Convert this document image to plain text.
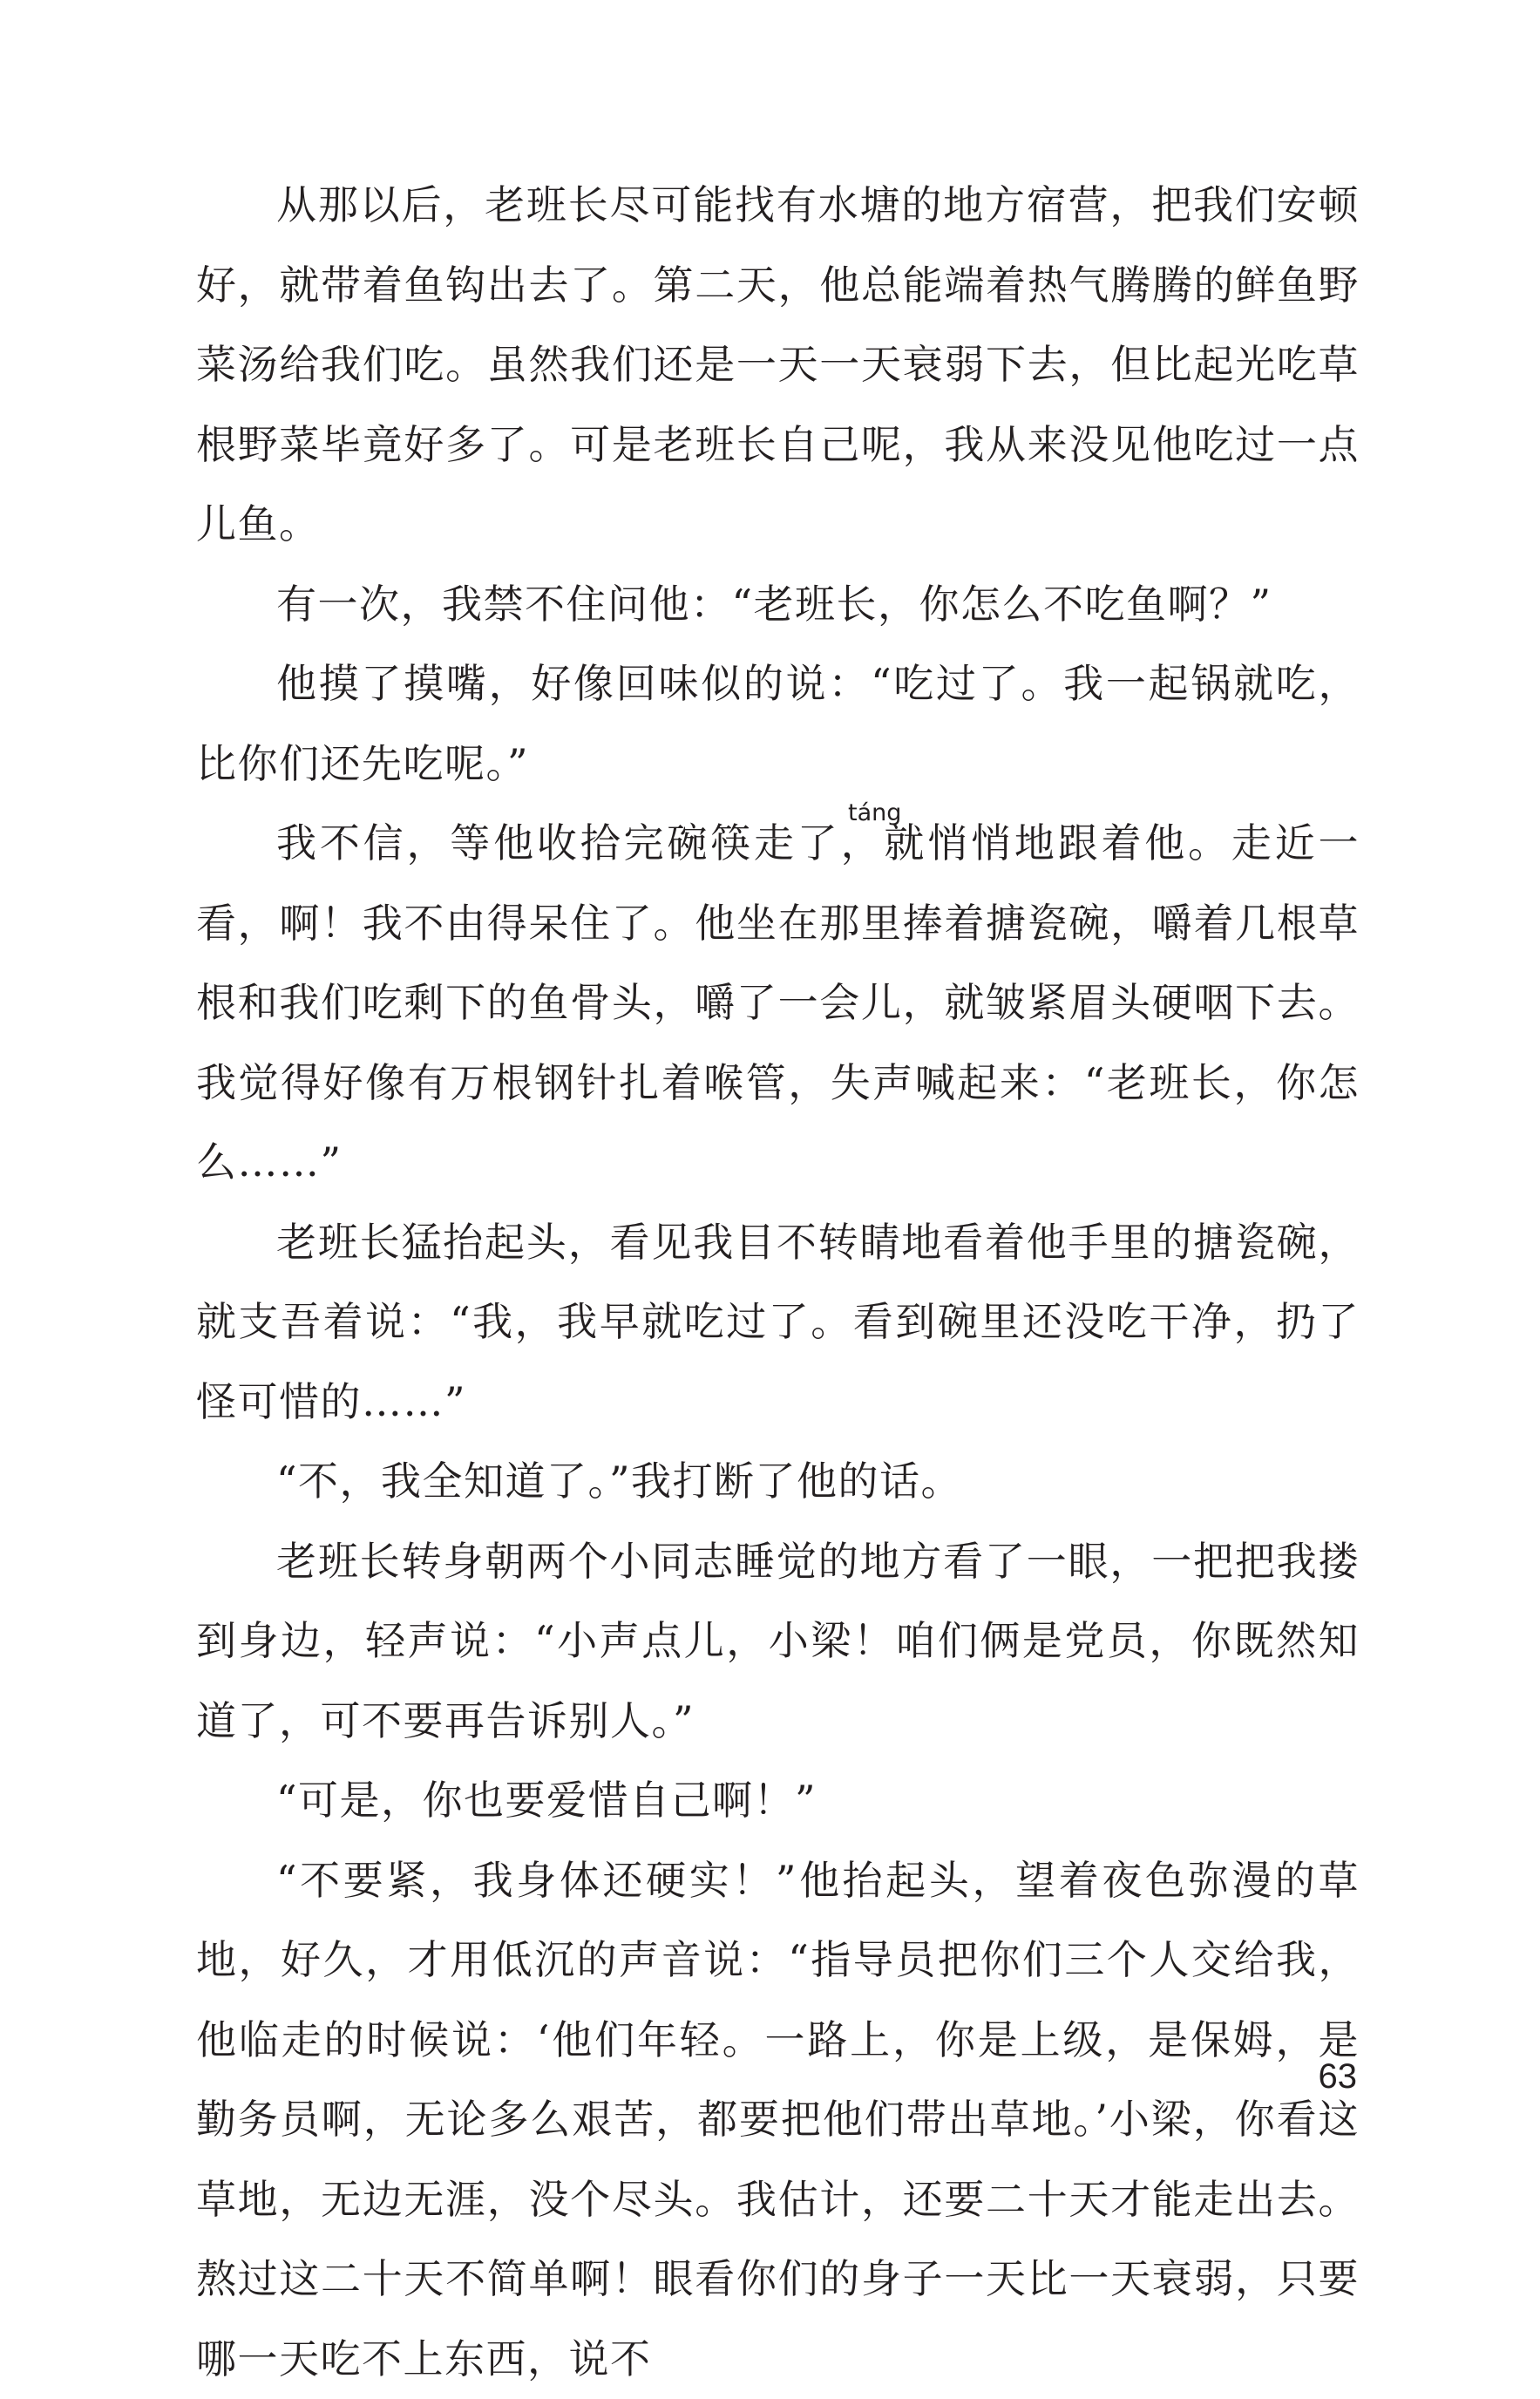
从那以后，老班长尽可能找有水塘的地方宿营，把我们安顿好，就带着鱼钩出去了。第二天，他总能端着热气腾腾的鲜鱼野菜汤给我们吃。虽然我们还是一天一天衰弱下去，但比起光吃草根野菜毕竟好多了。可是老班长自己呢，我从来没见他吃过一点儿鱼。

有一次，我禁不住问他：“老班长，你怎么不吃鱼啊？”

他摸了摸嘴，好像回味似的说：“吃过了。我一起锅就吃，比你们还先吃呢。”

táng

我不信，等他收拾完碗筷走了，就悄悄地跟着他。走近一看，啊！我不由得呆住了。他坐在那里捧着搪瓷碗，嚼着几根草根和我们吃剩下的鱼骨头，嚼了一会儿，就皱紧眉头硬咽下去。我觉得好像有万根钢针扎着喉管，失声喊起来：“老班长，你怎么……”

老班长猛抬起头，看见我目不转睛地看着他手里的搪瓷碗，就支吾着说：“我，我早就吃过了。看到碗里还没吃干净，扔了怪可惜的……”

“不，我全知道了。”我打断了他的话。

老班长转身朝两个小同志睡觉的地方看了一眼，一把把我搂到身边，轻声说：“小声点儿，小梁！咱们俩是党员，你既然知道了，可不要再告诉别人。”

“可是，你也要爱惜自己啊！”

“不要紧，我身体还硬实！”他抬起头，望着夜色弥漫的草地，好久，才用低沉的声音说：“指导员把你们三个人交给我，他临走的时候说：‘他们年轻。一路上，你是上级，是保姆，是勤务员啊，无论多么艰苦，都要把他们带出草地。’小梁，你看这草地，无边无涯，没个尽头。我估计，还要二十天才能走出去。熬过这二十天不简单啊！眼看你们的身子一天比一天衰弱，只要哪一天吃不上东西，说不

63
